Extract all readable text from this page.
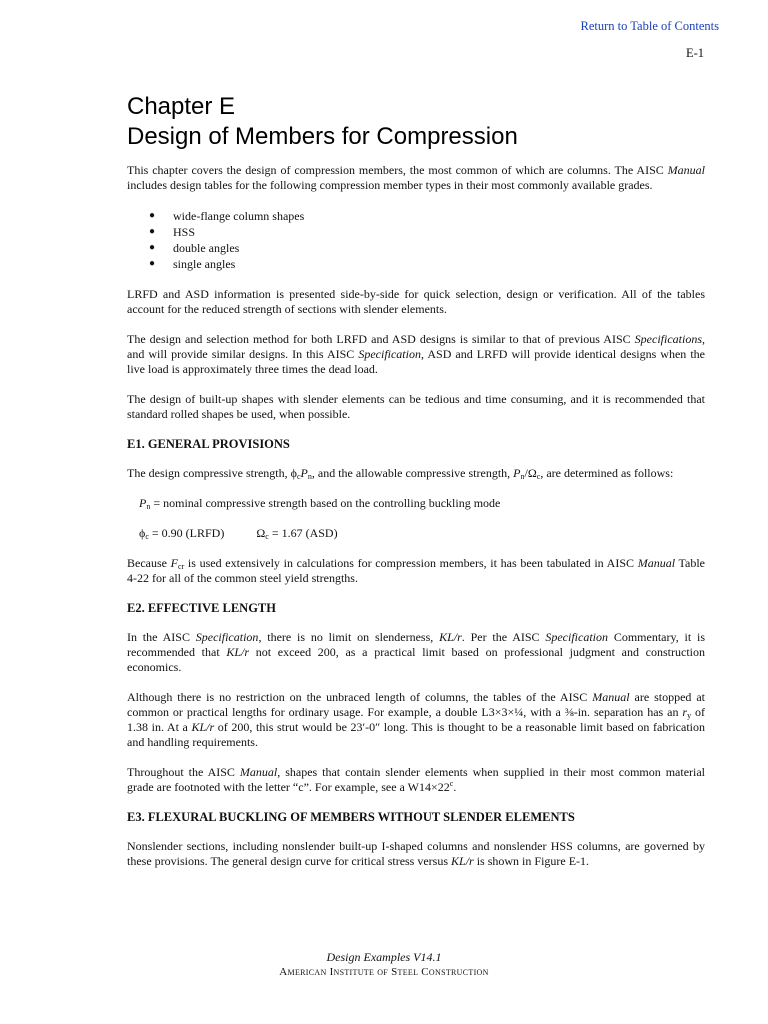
Return to Table of Contents
E-1
Chapter E
Design of Members for Compression

This chapter covers the design of compression members, the most common of which are columns. The AISC Manual includes design tables for the following compression member types in their most commonly available grades.

● wide-flange column shapes
● HSS
● double angles
● single angles

LRFD and ASD information is presented side-by-side for quick selection, design or verification. All of the tables account for the reduced strength of sections with slender elements.

The design and selection method for both LRFD and ASD designs is similar to that of previous AISC Specifications, and will provide similar designs. In this AISC Specification, ASD and LRFD will provide identical designs when the live load is approximately three times the dead load.

The design of built-up shapes with slender elements can be tedious and time consuming, and it is recommended that standard rolled shapes be used, when possible.

E1. GENERAL PROVISIONS

The design compressive strength, $\phi_cP_n$, and the allowable compressive strength, $P_n/\Omega_c$, are determined as follows:

$P_n$ = nominal compressive strength based on the controlling buckling mode

$\phi_c = 0.90$ (LRFD)	$\Omega_c = 1.67$ (ASD)

Because $F_{cr}$ is used extensively in calculations for compression members, it has been tabulated in AISC Manual Table 4-22 for all of the common steel yield strengths.

E2. EFFECTIVE LENGTH

In the AISC Specification, there is no limit on slenderness, KL/r. Per the AISC Specification Commentary, it is recommended that KL/r not exceed 200, as a practical limit based on professional judgment and construction economics.

Although there is no restriction on the unbraced length of columns, the tables of the AISC Manual are stopped at common or practical lengths for ordinary usage. For example, a double L3×3×¼, with a ⅜-in. separation has an $r_y$ of 1.38 in. At a KL/r of 200, this strut would be 23′-0″ long. This is thought to be a reasonable limit based on fabrication and handling requirements.

Throughout the AISC Manual, shapes that contain slender elements when supplied in their most common material grade are footnoted with the letter “c”. For example, see a $W14\times 22^c$.

E3. FLEXURAL BUCKLING OF MEMBERS WITHOUT SLENDER ELEMENTS

Nonslender sections, including nonslender built-up I-shaped columns and nonslender HSS columns, are governed by these provisions. The general design curve for critical stress versus KL/r is shown in Figure E-1.

Design Examples V14.1
American Institute of Steel Construction
